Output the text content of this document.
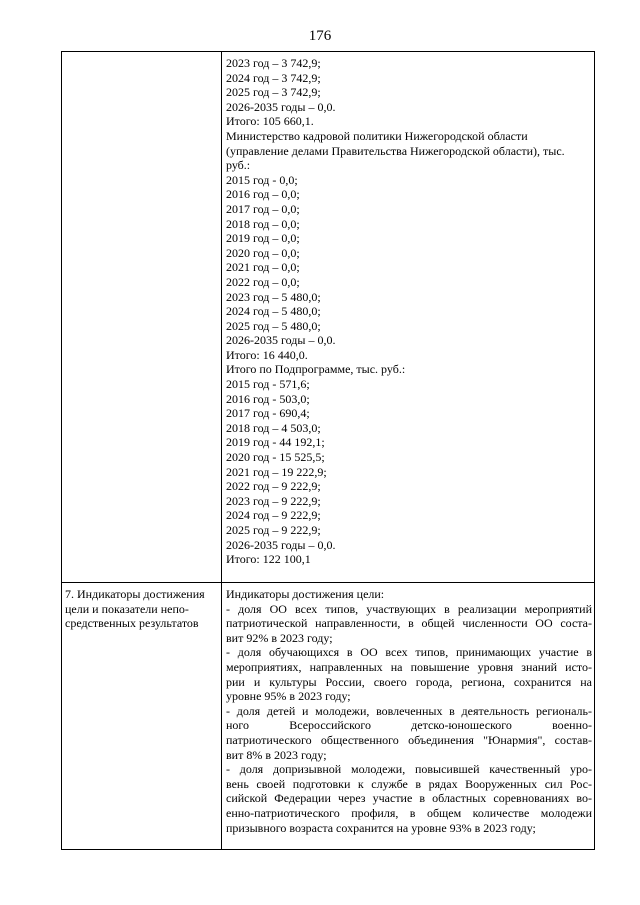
176
2023 год – 3 742,9;
2024 год – 3 742,9;
2025 год – 3 742,9;
2026-2035 годы – 0,0.
Итого: 105 660,1.
Министерство кадровой политики Нижегородской области
(управление делами Правительства Нижегородской области), тыс.
руб.:
2015 год - 0,0;
2016 год – 0,0;
2017 год – 0,0;
2018 год – 0,0;
2019 год – 0,0;
2020 год – 0,0;
2021 год – 0,0;
2022 год – 0,0;
2023 год – 5 480,0;
2024 год – 5 480,0;
2025 год – 5 480,0;
2026-2035 годы – 0,0.
Итого: 16 440,0.
Итого по Подпрограмме, тыс. руб.:
2015 год - 571,6;
2016 год - 503,0;
2017 год - 690,4;
2018 год – 4 503,0;
2019 год - 44 192,1;
2020 год - 15 525,5;
2021 год – 19 222,9;
2022 год – 9 222,9;
2023 год – 9 222,9;
2024 год – 9 222,9;
2025 год – 9 222,9;
2026-2035 годы – 0,0.
Итого: 122 100,1
7. Индикаторы достижения
цели и показатели непо-
средственных результатов
Индикаторы достижения цели:
- доля ОО всех типов, участвующих в реализации мероприятий
патриотической направленности, в общей численности ОО соста-
вит 92% в 2023 году;
- доля обучающихся в ОО всех типов, принимающих участие в
мероприятиях, направленных на повышение уровня знаний исто-
рии и культуры России, своего города, региона, сохранится на
уровне 95% в 2023 году;
- доля детей и молодежи, вовлеченных в деятельность региональ-
ного Всероссийского детско-юношеского военно-
патриотического общественного объединения "Юнармия", состав-
вит 8% в 2023 году;
- доля допризывной молодежи, повысившей качественный уро-
вень своей подготовки к службе в рядах Вооруженных сил Рос-
сийской Федерации через участие в областных соревнованиях во-
енно-патриотического профиля, в общем количестве молодежи
призывного возраста сохранится на уровне 93% в 2023 году;
